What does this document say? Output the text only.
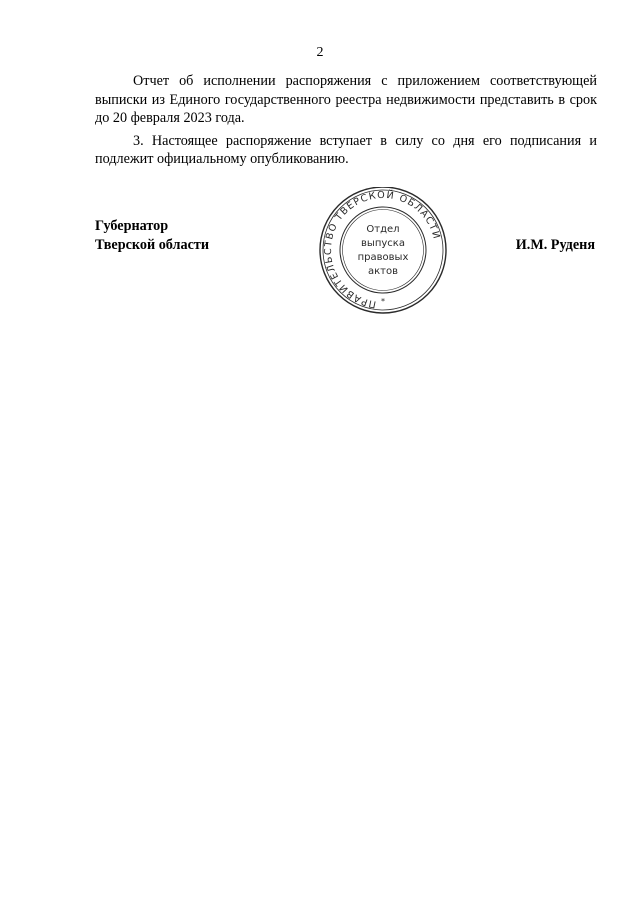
2

Отчет об исполнении распоряжения с приложением соответствующей выписки из Единого государственного реестра недвижимости представить в срок до 20 февраля 2023 года.

3. Настоящее распоряжение вступает в силу со дня его подписания и подлежит официальному опубликованию.

Губернатор
Тверской области	И.М. Руденя
ПРАВИТЕЛЬСТВО ТВЕРСКОЙ ОБЛАСТИ
*
Отдел
выпуска
правовых
актов
